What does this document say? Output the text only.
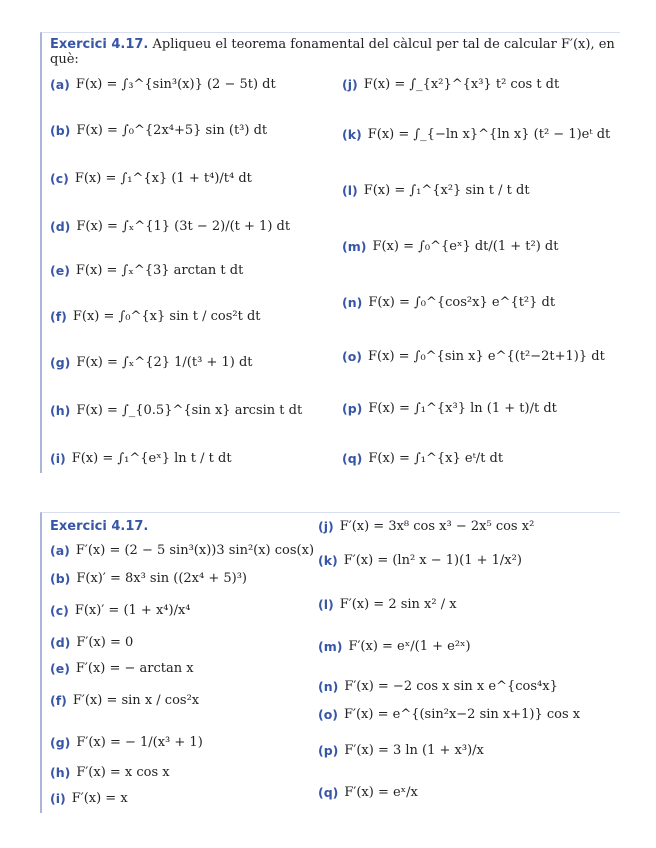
Exercici 4.17. Apliqueu el teorema fonamental del càlcul per tal de calcular F′(x), en què:
(a) F(x) = ∫₃^{sin³(x)} (2 − 5t) dt
(b) F(x) = ∫₀^{2x⁴+5} sin (t³) dt
(c) F(x) = ∫₁^{x} (1 + t⁴)/t⁴ dt
(d) F(x) = ∫ₓ^{1} (3t − 2)/(t + 1) dt
(e) F(x) = ∫ₓ^{3} arctan t dt
(f) F(x) = ∫₀^{x} sin t / cos²t dt
(g) F(x) = ∫ₓ^{2} 1/(t³ + 1) dt
(h) F(x) = ∫_{0.5}^{sin x} arcsin t dt
(i) F(x) = ∫₁^{eˣ} ln t / t dt
(j) F(x) = ∫_{x²}^{x³} t² cos t dt
(k) F(x) = ∫_{−ln x}^{ln x} (t² − 1)eᵗ dt
(l) F(x) = ∫₁^{x²} sin t / t dt
(m) F(x) = ∫₀^{eˣ} dt/(1 + t²) dt
(n) F(x) = ∫₀^{cos²x} e^{t²} dt
(o) F(x) = ∫₀^{sin x} e^{(t²−2t+1)} dt
(p) F(x) = ∫₁^{x³} ln (1 + t)/t dt
(q) F(x) = ∫₁^{x} eᵗ/t dt
Exercici 4.17.
(a) F′(x) = (2 − 5 sin³(x))3 sin²(x) cos(x)
(b) F(x)′ = 8x³ sin ((2x⁴ + 5)³)
(c) F(x)′ = (1 + x⁴)/x⁴
(d) F′(x) = 0
(e) F′(x) = − arctan x
(f) F′(x) = sin x / cos²x
(g) F′(x) = − 1/(x³ + 1)
(h) F′(x) = x cos x
(i) F′(x) = x
(j) F′(x) = 3x⁸ cos x³ − 2x⁵ cos x²
(k) F′(x) = (ln² x − 1)(1 + 1/x²)
(l) F′(x) = 2 sin x² / x
(m) F′(x) = eˣ/(1 + e²ˣ)
(n) F′(x) = −2 cos x sin x e^{cos⁴x}
(o) F′(x) = e^{(sin²x−2 sin x+1)} cos x
(p) F′(x) = 3 ln (1 + x³)/x
(q) F′(x) = eˣ/x
